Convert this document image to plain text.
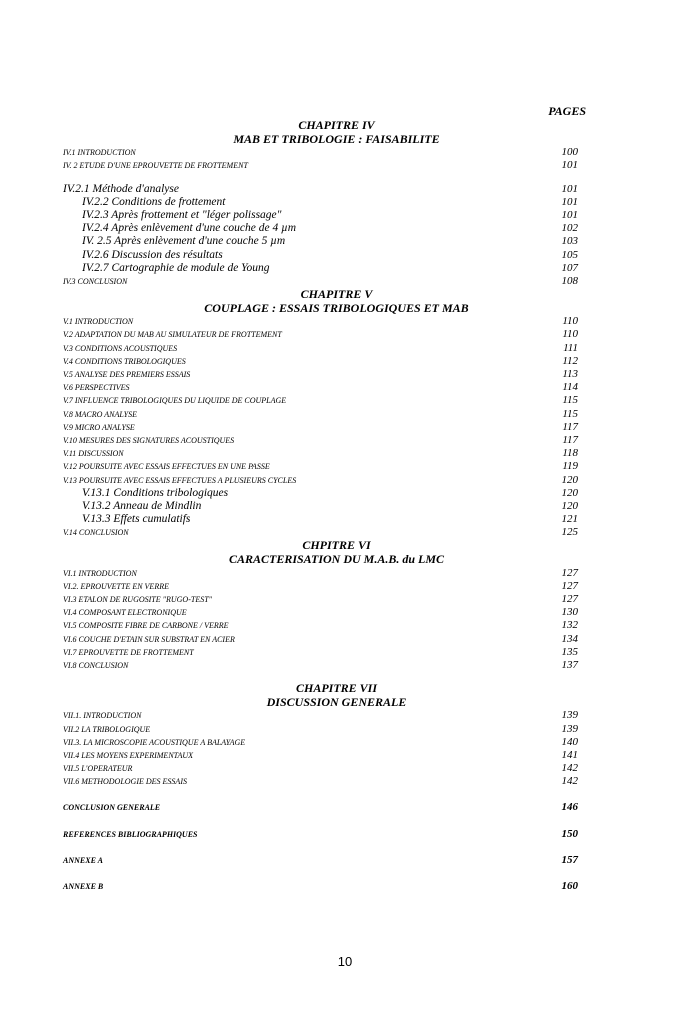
PAGES
CHAPITRE IV
MAB ET TRIBOLOGIE : FAISABILITE
IV.1 INTRODUCTION	100
IV. 2 ETUDE D'UNE EPROUVETTE DE FROTTEMENT	101
IV.2.1 Méthode d'analyse	101
IV.2.2 Conditions de frottement	101
IV.2.3 Après frottement et "léger polissage"	101
IV.2.4 Après enlèvement d'une couche de 4 µm	102
IV. 2.5 Après enlèvement d'une couche 5 µm	103
IV.2.6 Discussion des résultats	105
IV.2.7 Cartographie de module de Young	107
IV.3 CONCLUSION	108
CHAPITRE V
COUPLAGE : ESSAIS TRIBOLOGIQUES ET MAB
V.1 INTRODUCTION	110
V.2 ADAPTATION DU MAB AU SIMULATEUR DE FROTTEMENT	110
V.3 CONDITIONS ACOUSTIQUES	111
V.4 CONDITIONS TRIBOLOGIQUES	112
V.5 ANALYSE DES PREMIERS ESSAIS	113
V.6 PERSPECTIVES	114
V.7 INFLUENCE TRIBOLOGIQUES DU LIQUIDE DE COUPLAGE	115
V.8 MACRO ANALYSE	115
V.9 MICRO ANALYSE	117
V.10 MESURES DES SIGNATURES ACOUSTIQUES	117
V.11 DISCUSSION	118
V.12 POURSUITE AVEC ESSAIS EFFECTUES EN UNE PASSE	119
V.13 POURSUITE AVEC ESSAIS EFFECTUES A PLUSIEURS CYCLES	120
V.13.1 Conditions tribologiques	120
V.13.2 Anneau de Mindlin	120
V.13.3 Effets cumulatifs	121
V.14 CONCLUSION	125
CHPITRE VI
CARACTERISATION DU M.A.B. du LMC
VI.1 INTRODUCTION	127
VI.2. EPROUVETTE EN VERRE	127
VI.3 ETALON DE RUGOSITE "RUGO-TEST"	127
VI.4 COMPOSANT ELECTRONIQUE	130
VI.5 COMPOSITE FIBRE DE CARBONE / VERRE	132
VI.6 COUCHE D'ETAIN SUR SUBSTRAT EN ACIER	134
VI.7 EPROUVETTE DE FROTTEMENT	135
VI.8 CONCLUSION	137
CHAPITRE VII
DISCUSSION GENERALE
VII.1. INTRODUCTION	139
VII.2 LA TRIBOLOGIQUE	139
VII.3. LA MICROSCOPIE ACOUSTIQUE A BALAYAGE	140
VII.4 LES MOYENS EXPERIMENTAUX	141
VII.5 L'OPERATEUR	142
VII.6 METHODOLOGIE DES ESSAIS	142
CONCLUSION GENERALE	146
REFERENCES BIBLIOGRAPHIQUES	150
ANNEXE A	157
ANNEXE B	160
10
